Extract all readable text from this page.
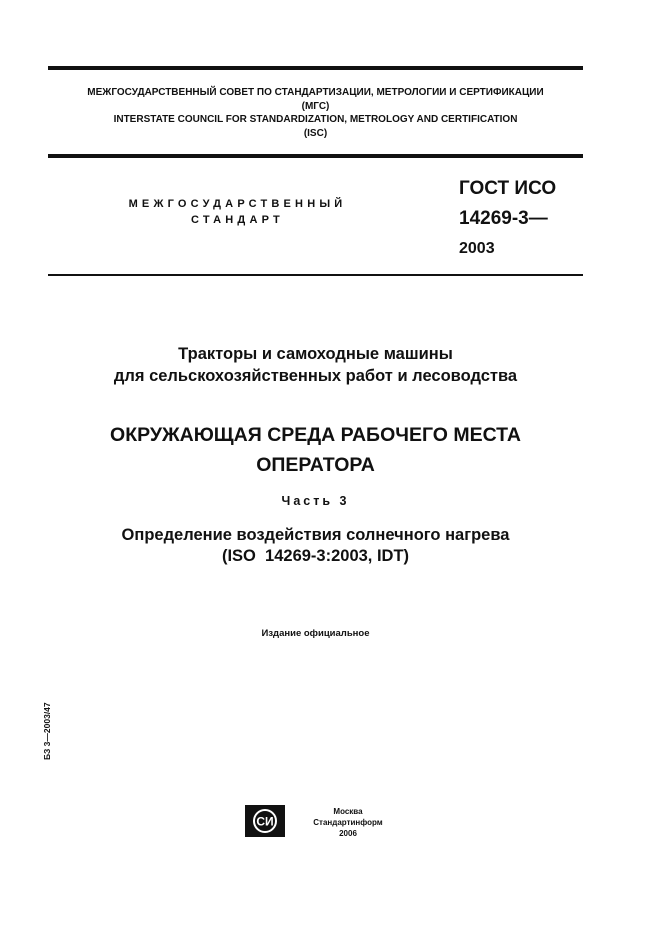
МЕЖГОСУДАРСТВЕННЫЙ СОВЕТ ПО СТАНДАРТИЗАЦИИ, МЕТРОЛОГИИ И СЕРТИФИКАЦИИ
(МГС)
INTERSTATE COUNCIL FOR STANDARDIZATION, METROLOGY AND CERTIFICATION
(ISC)
МЕЖГОСУДАРСТВЕННЫЙ
СТАНДАРТ
ГОСТ ИСО
14269-3—
2003
Тракторы и самоходные машины
для сельскохозяйственных работ и лесоводства
ОКРУЖАЮЩАЯ СРЕДА РАБОЧЕГО МЕСТА
ОПЕРАТОРА
Часть 3
Определение воздействия солнечного нагрева
(ISO  14269-3:2003, IDT)
Издание официальное
БЗ 3—2003/47
СИ
Москва
Стандартинформ
2006
